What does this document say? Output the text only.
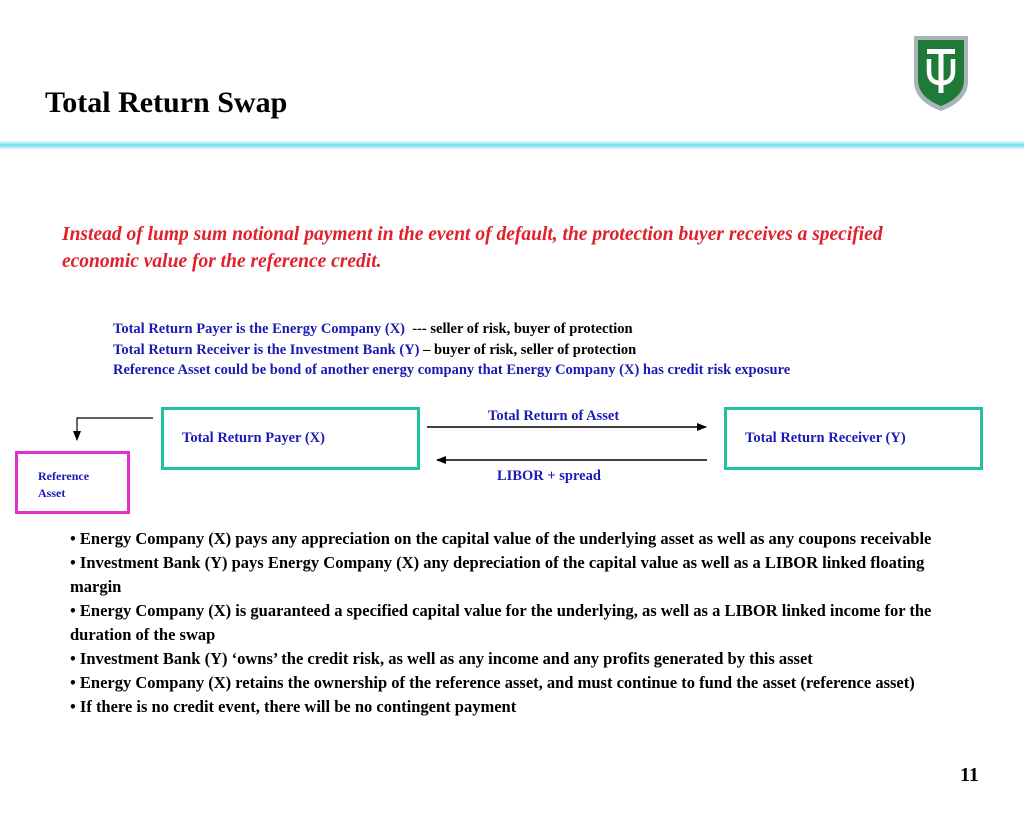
Total Return Swap

Instead of lump sum notional payment in the event of default, the protection buyer receives a specified economic value for the reference credit.

Total Return Payer is the Energy Company (X)  --- seller of risk, buyer of protection
Total Return Receiver is the Investment Bank (Y) – buyer of risk, seller of protection
Reference Asset could be bond of another energy company that Energy Company (X) has credit risk exposure
Total Return Payer (X)	Total Return Receiver (Y)
Reference
Asset
Total Return of Asset
LIBOR + spread
• Energy Company (X) pays any appreciation on the capital value of the underlying asset as well as any coupons receivable
• Investment Bank (Y) pays Energy Company (X) any depreciation of the capital value as well as a LIBOR linked floating margin
• Energy Company (X) is guaranteed a specified capital value for the underlying, as well as a LIBOR linked income for the duration of the swap
• Investment Bank (Y) ‘owns’ the credit risk, as well as any income and any profits generated by this asset
• Energy Company (X) retains the ownership of the reference asset, and must continue to fund the asset (reference asset)
• If there is no credit event, there will be no contingent payment
11
